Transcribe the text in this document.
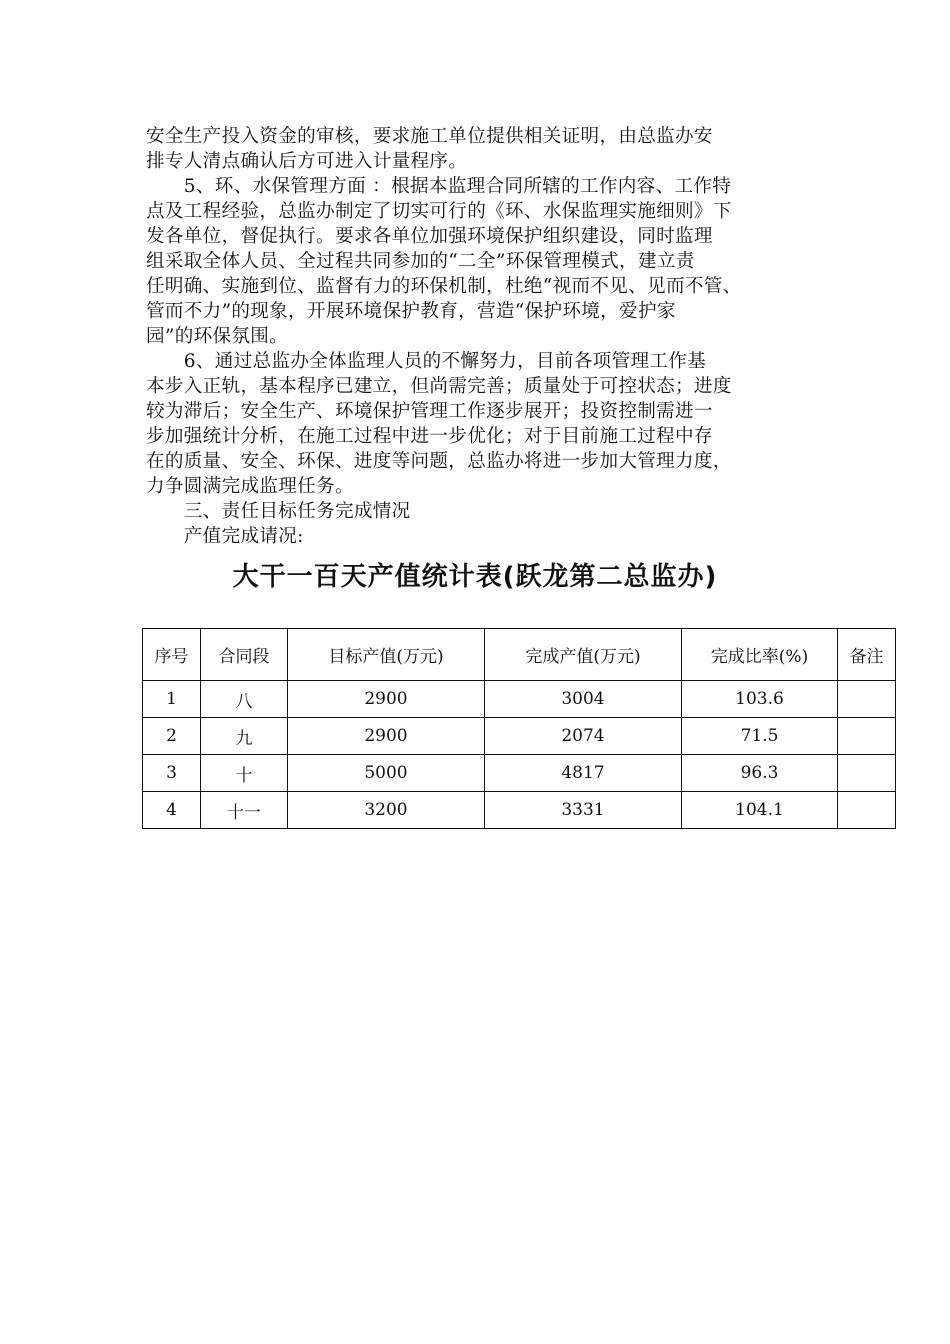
安全生产投入资金的审核，要求施工单位提供相关证明，由总监办安
排专人清点确认后方可进入计量程序。
　　5、环、水保管理方面 ：根据本监理合同所辖的工作内容、工作特
点及工程经验，总监办制定了切实可行的《环、水保监理实施细则》下
发各单位，督促执行。要求各单位加强环境保护组织建设，同时监理
组采取全体人员、全过程共同参加的“二全”环保管理模式，建立责
任明确、实施到位、监督有力的环保机制，杜绝“视而不见、见而不管、
管而不力”的现象，开展环境保护教育，营造“保护环境，爱护家
园”的环保氛围。
　　6、通过总监办全体监理人员的不懈努力，目前各项管理工作基
本步入正轨，基本程序已建立，但尚需完善；质量处于可控状态；进度
较为滞后；安全生产、环境保护管理工作逐步展开；投资控制需进一
步加强统计分析，在施工过程中进一步优化；对于目前施工过程中存
在的质量、安全、环保、进度等问题，总监办将进一步加大管理力度，
力争圆满完成监理任务。
　　三、责任目标任务完成情况
　　产值完成请况:
大干一百天产值统计表(跃龙第二总监办)
序号	合同段	目标产值(万元)	完成产值(万元)	完成比率(%)	备注
1	八	2900	3004	103.6	
2	九	2900	2074	71.5	
3	十	5000	4817	96.3	
4	十一	3200	3331	104.1	
